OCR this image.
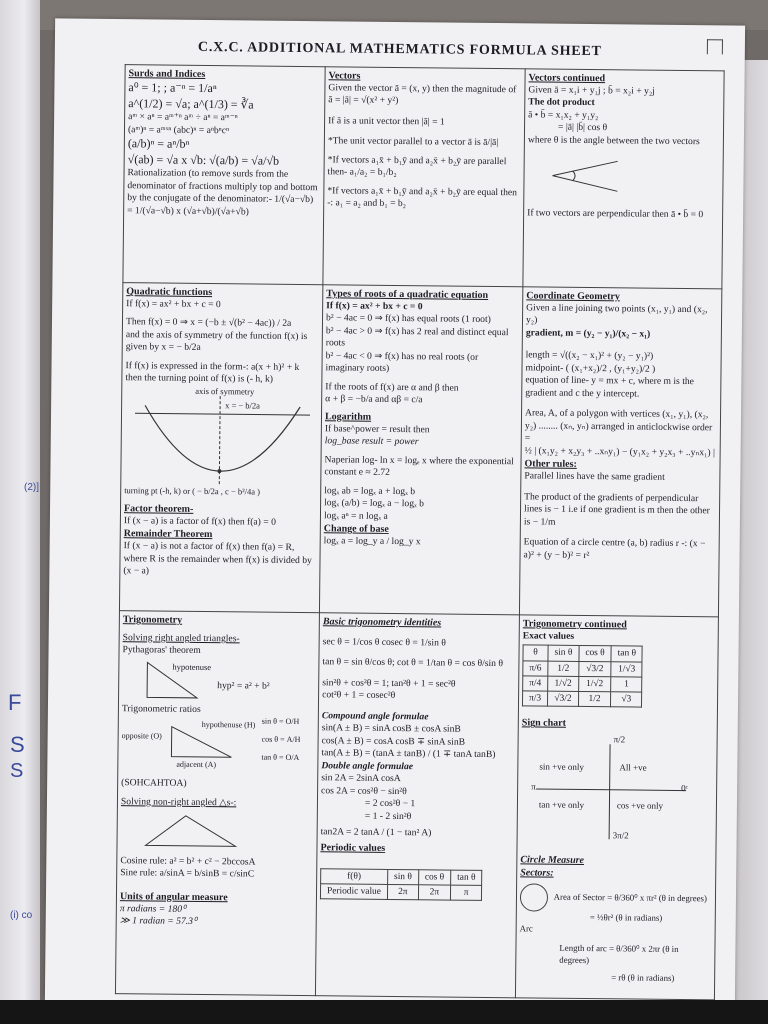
(2)]
F
S
S
(i) co
C.X.C. ADDITIONAL MATHEMATICS FORMULA SHEET
Surds and Indices
a⁰ = 1; ; a⁻ⁿ = 1/aⁿ
a^(1/2) = √a; a^(1/3) = ∛a
aᵐ × aⁿ = aᵐ⁺ⁿ aᵐ ÷ aⁿ = aᵐ⁻ⁿ
(aᵐ)ⁿ = aᵐˣⁿ (abc)ⁿ = aⁿbⁿcⁿ
(a/b)ⁿ = aⁿ/bⁿ
√(ab) = √a x √b: √(a/b) = √a/√b
Rationalization (to remove surds from the denominator of fractions multiply top and bottom by the conjugate of the denominator:- 1/(√a−√b) = 1/(√a−√b) x (√a+√b)/(√a+√b)
Quadratic functions
If f(x) = ax² + bx + c = 0
Then f(x) = 0 ⇒ x = (−b ± √(b² − 4ac)) / 2a
and the axis of symmetry of the function f(x) is given by x = − b/2a
If f(x) is expressed in the form-: a(x + h)² + k then the turning point of f(x) is (- h, k)
axis of symmetry
x = − b/2a
turning pt (-h, k) or ( − b/2a , c − b²/4a )
Factor theorem-
If (x − a) is a factor of f(x) then f(a) = 0
Remainder Theorem
If (x − a) is not a factor of f(x) then f(a) = R, where R is the remainder when f(x) is divided by (x − a)
Trigonometry
Solving right angled triangles-
Pythagoras' theorem
hypotenuse
hyp² = a² + b²
Trigonometric ratios
opposite (O)
hypothenuse (H)
adjacent (A)
sin θ = O/H
cos θ = A/H
tan θ = O/A
(SOHCAHTOA)
Solving non-right angled △s-:
Cosine rule: a² = b² + c² − 2bccosA
Sine rule: a/sinA = b/sinB = c/sinC
Units of angular measure
π radians = 180⁰
≫ 1 radian = 57.3⁰
Vectors
Given the vector ā = (x, y) then the magnitude of ā = |ā| = √(x² + y²)
If ā is a unit vector then |ā| = 1
*The unit vector parallel to a vector ā is ā/|ā|
*If vectors a₁x̄ + b₁ȳ and a₂x̄ + b₂ȳ are parallel then- a₁/a₂ = b₁/b₂
*If vectors a₁x̄ + b₁ȳ and a₂x̄ + b₂ȳ are equal then -: a₁ = a₂ and b₁ = b₂
Types of roots of a quadratic equation
If f(x) = ax² + bx + c = 0
b² − 4ac = 0 ⇒ f(x) has equal roots (1 root)
b² − 4ac > 0 ⇒ f(x) has 2 real and distinct equal roots
b² − 4ac < 0 ⇒ f(x) has no real roots (or imaginary roots)
If the roots of f(x) are α and β then
α + β = −b/a and αβ = c/a
Logarithm
If base^power = result then
log_base result = power
Naperian log- ln x = logₑ x where the exponential constant e ≈ 2.72
logₓ ab = logₓ a + logₓ b
logₓ (a/b) = logₓ a − logₓ b
logₓ aⁿ = n logₓ a
Change of base
logₓ a = log_y a / log_y x
Basic trigonometry identities
sec θ = 1/cos θ cosec θ = 1/sin θ
tan θ = sin θ/cos θ; cot θ = 1/tan θ = cos θ/sin θ
sin²θ + cos²θ = 1; tan²θ + 1 = sec²θ
cot²θ + 1 = cosec²θ
Compound angle formulae
sin(A ± B) = sinA cosB ± cosA sinB
cos(A ± B) = cosA cosB ∓ sinA sinB
tan(A ± B) = (tanA ± tanB) / (1 ∓ tanA tanB)
Double angle formulae
sin 2A = 2sinA cosA
cos 2A = cos²θ − sin²θ
= 2 cos²θ − 1
= 1 - 2 sin²θ
tan2A = 2 tanA / (1 − tan² A)
Periodic values
f(θ)	sin θ	cos θ	tan θ
Periodic value	2π	2π	π
Vectors continued
Given ā = x₁i + y₁j ; b̄ = x₂i + y₂j
The dot product
ā • b̄ = x₁x₂ + y₁y₂
= |ā| |b̄| cos θ
where θ is the angle between the two vectors
If two vectors are perpendicular then ā • b̄ = 0
Coordinate Geometry
Given a line joining two points (x₁, y₁) and (x₂, y₂)
gradient, m = (y₂ − y₁)/(x₂ − x₁)
length = √((x₂ − x₁)² + (y₂ − y₁)²)
midpoint- ( (x₁+x₂)/2 , (y₁+y₂)/2 )
equation of line- y = mx + c, where m is the gradient and c the y intercept.
Area, A, of a polygon with vertices (x₁, y₁), (x₂, y₂) ........ (xₙ, yₙ) arranged in anticlockwise order =
½ | (x₁y₂ + x₂y₃ + ..xₙy₁) − (y₁x₂ + y₂x₃ + ..yₙx₁) |
Other rules:
Parallel lines have the same gradient
The product of the gradients of perpendicular lines is − 1 i.e if one gradient is m then the other is − 1/m
Equation of a circle centre (a, b) radius r -: (x − a)² + (y − b)² = r²
Trigonometry continued
Exact values
θ	sin θ	cos θ	tan θ
π/6	1/2	√3/2	1/√3
π/4	1/√2	1/√2	1
π/3	√3/2	1/2	√3
Sign chart
π/2
π	0ᶜ
3π/2
All +ve
sin +ve only
tan +ve only	cos +ve only
Circle Measure
Sectors:
Area of Sector = θ/360⁰ x πr² (θ in degrees)
= ½θr² (θ in radians)
Arc
Length of arc = θ/360⁰ x 2πr (θ in degrees)
= rθ (θ in radians)
